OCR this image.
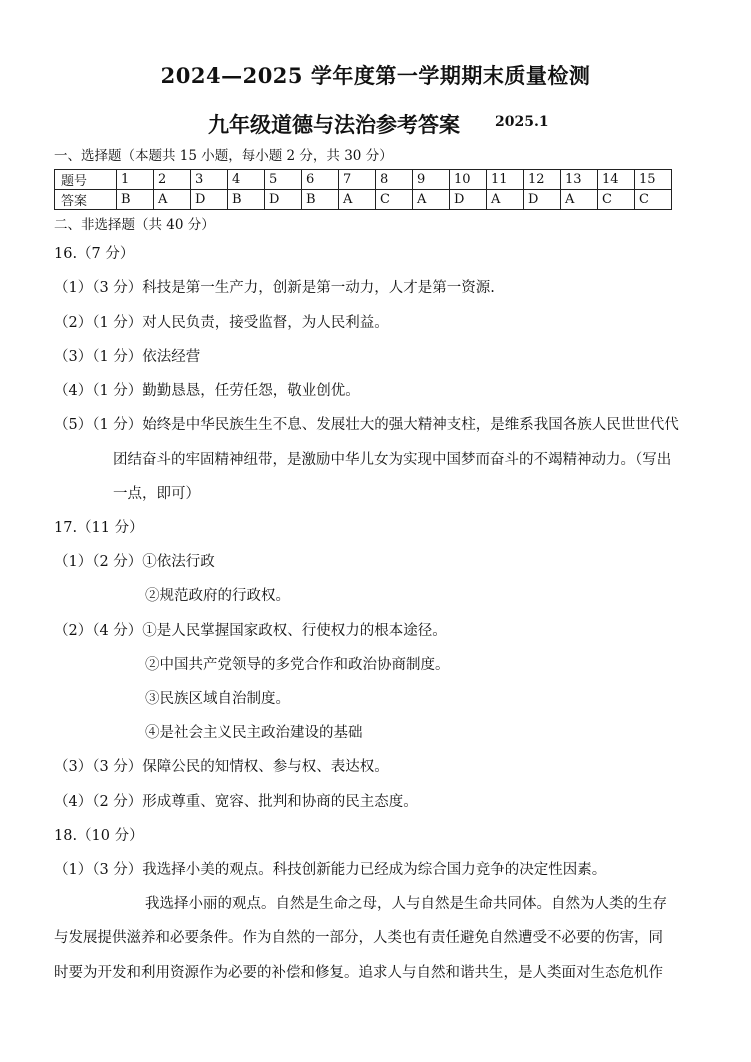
2024—2025 学年度第一学期期末质量检测
九年级道德与法治参考答案	2025.1
一、选择题（本题共 15 小题，每小题 2 分，共 30 分）
题号	1	2	3	4	5	6	7	8	9	10	11	12	13	14	15
答案	B	A	D	B	D	B	A	C	A	D	A	D	A	C	C
二、非选择题（共 40 分）
16.（7 分）
（1）（3 分）科技是第一生产力，创新是第一动力，人才是第一资源.
（2）（1 分）对人民负责，接受监督，为人民利益。
（3）（1 分）依法经营
（4）（1 分）勤勤恳恳，任劳任怨，敬业创优。
（5）（1 分）始终是中华民族生生不息、发展壮大的强大精神支柱，是维系我国各族人民世世代代
团结奋斗的牢固精神纽带，是激励中华儿女为实现中国梦而奋斗的不竭精神动力。（写出
一点，即可）
17.（11 分）
（1）（2 分）①依法行政
②规范政府的行政权。
（2）（4 分）①是人民掌握国家政权、行使权力的根本途径。
②中国共产党领导的多党合作和政治协商制度。
③民族区域自治制度。
④是社会主义民主政治建设的基础
（3）（3 分）保障公民的知情权、参与权、表达权。
（4）（2 分）形成尊重、宽容、批判和协商的民主态度。
18.（10 分）
（1）（3 分）我选择小美的观点。科技创新能力已经成为综合国力竞争的决定性因素。
我选择小丽的观点。自然是生命之母，人与自然是生命共同体。自然为人类的生存
与发展提供滋养和必要条件。作为自然的一部分，人类也有责任避免自然遭受不必要的伤害，同
时要为开发和利用资源作为必要的补偿和修复。追求人与自然和谐共生，是人类面对生态危机作
